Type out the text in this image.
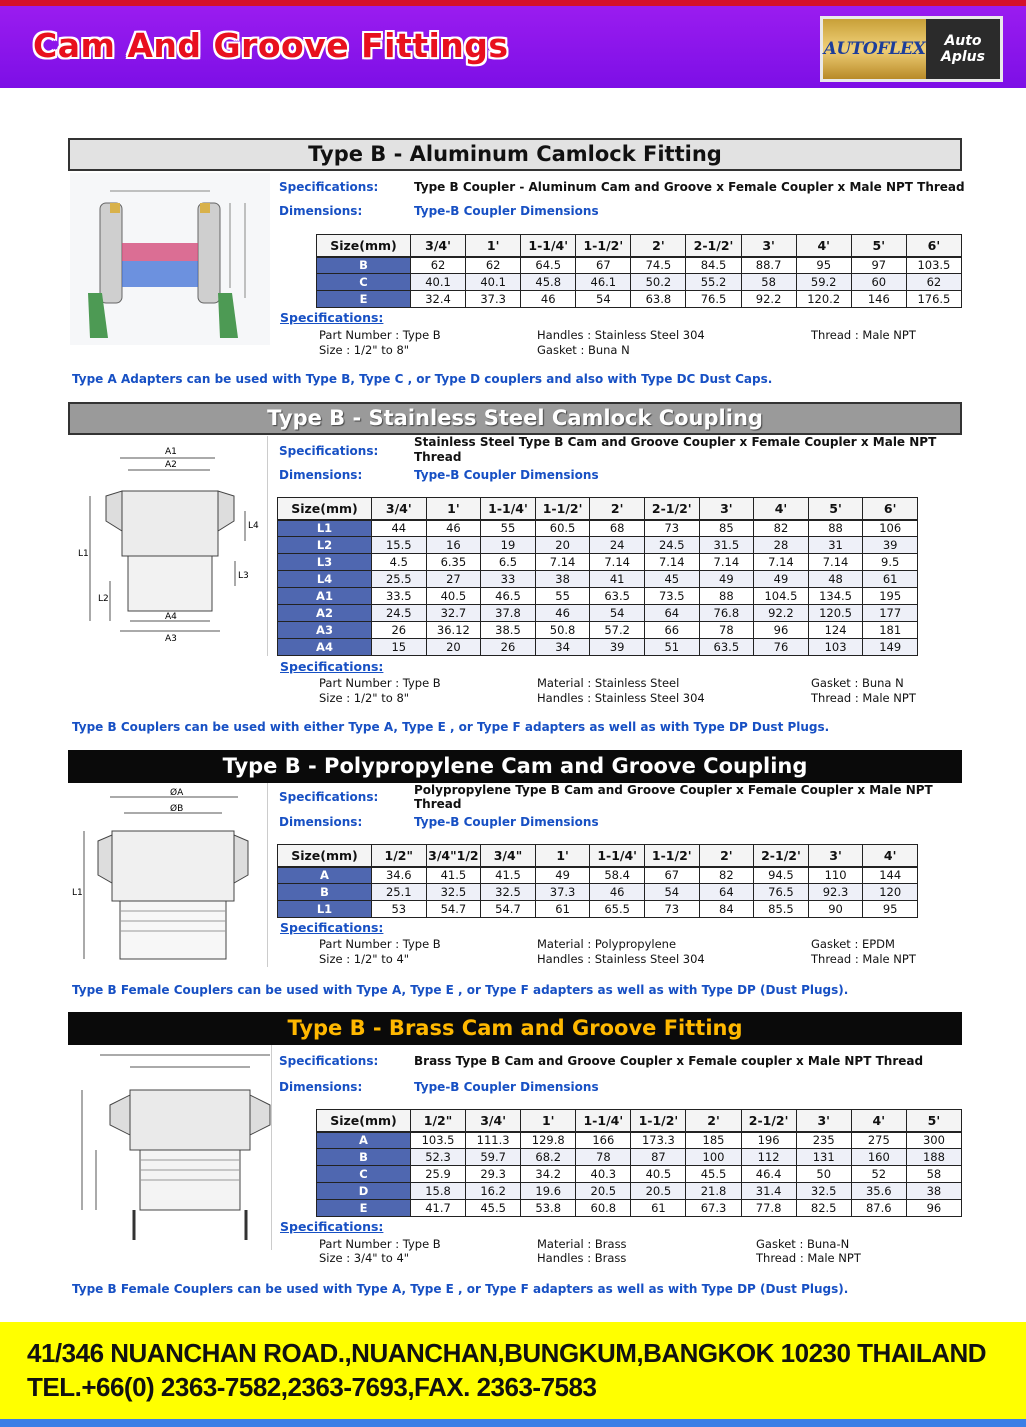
Cam And Groove Fittings	AUTOFLEX	Auto Aplus
Type B - Aluminum Camlock Fitting
Specifications:	Type B Coupler - Aluminum Cam and Groove x Female Coupler x Male NPT Thread
Dimensions:	Type-B Coupler Dimensions
Size(mm)	3/4'	1'	1-1/4'	1-1/2'	2'	2-1/2'	3'	4'	5'	6'
B	62	62	64.5	67	74.5	84.5	88.7	95	97	103.5
C	40.1	40.1	45.8	46.1	50.2	55.2	58	59.2	60	62
E	32.4	37.3	46	54	63.8	76.5	92.2	120.2	146	176.5
Specifications:
Part Number : Type B
Size : 1/2" to 8"
Handles : Stainless Steel 304
Gasket : Buna N
Thread : Male NPT
Type A Adapters can be used with Type B, Type C , or Type D couplers and also with Type DC Dust Caps.
Type B - Stainless Steel Camlock Coupling
A1
A2
A4
A3
L1
L2
L4
L3
Specifications:
Stainless Steel Type B Cam and Groove Coupler x Female Coupler x Male NPT
Thread
Dimensions:	Type-B Coupler Dimensions
Size(mm)	3/4'	1'	1-1/4'	1-1/2'	2'	2-1/2'	3'	4'	5'	6'
L1	44	46	55	60.5	68	73	85	82	88	106
L2	15.5	16	19	20	24	24.5	31.5	28	31	39
L3	4.5	6.35	6.5	7.14	7.14	7.14	7.14	7.14	7.14	9.5
L4	25.5	27	33	38	41	45	49	49	48	61
A1	33.5	40.5	46.5	55	63.5	73.5	88	104.5	134.5	195
A2	24.5	32.7	37.8	46	54	64	76.8	92.2	120.5	177
A3	26	36.12	38.5	50.8	57.2	66	78	96	124	181
A4	15	20	26	34	39	51	63.5	76	103	149
Specifications:
Part Number : Type B
Size : 1/2" to 8"
Material : Stainless Steel
Handles : Stainless Steel 304
Gasket : Buna N
Thread : Male NPT
Type B Couplers can be used with either Type A, Type E , or Type F adapters as well as with Type DP Dust Plugs.
Type B - Polypropylene Cam and Groove Coupling
ØA
ØB
L1
Specifications:	Polypropylene Type B Cam and Groove Coupler x Female Coupler x Male NPT
Thread
Dimensions:	Type-B Coupler Dimensions
Size(mm)	1/2"	3/4"1/2	3/4"	1'	1-1/4'	1-1/2'	2'	2-1/2'	3'	4'
A	34.6	41.5	41.5	49	58.4	67	82	94.5	110	144
B	25.1	32.5	32.5	37.3	46	54	64	76.5	92.3	120
L1	53	54.7	54.7	61	65.5	73	84	85.5	90	95
Specifications:
Part Number : Type B
Size : 1/2" to 4"
Material : Polypropylene
Handles : Stainless Steel 304
Gasket : EPDM
Thread : Male NPT
Type B Female Couplers can be used with Type A, Type E , or Type F adapters as well as with Type DP (Dust Plugs).
Type B - Brass Cam and Groove Fitting
Specifications:	Brass Type B Cam and Groove Coupler x Female coupler x Male NPT Thread
Dimensions:	Type-B Coupler Dimensions
Size(mm)	1/2"	3/4'	1'	1-1/4'	1-1/2'	2'	2-1/2'	3'	4'	5'
A	103.5	111.3	129.8	166	173.3	185	196	235	275	300
B	52.3	59.7	68.2	78	87	100	112	131	160	188
C	25.9	29.3	34.2	40.3	40.5	45.5	46.4	50	52	58
D	15.8	16.2	19.6	20.5	20.5	21.8	31.4	32.5	35.6	38
E	41.7	45.5	53.8	60.8	61	67.3	77.8	82.5	87.6	96
Specifications:
Part Number : Type B
Size : 3/4" to 4"
Material : Brass
Handles : Brass
Gasket : Buna-N
Thread : Male NPT
Type B Female Couplers can be used with Type A, Type E , or Type F adapters as well as with Type DP (Dust Plugs).
41/346 NUANCHAN ROAD.,NUANCHAN,BUNGKUM,BANGKOK 10230 THAILAND
TEL.+66(0) 2363-7582,2363-7693,FAX. 2363-7583
